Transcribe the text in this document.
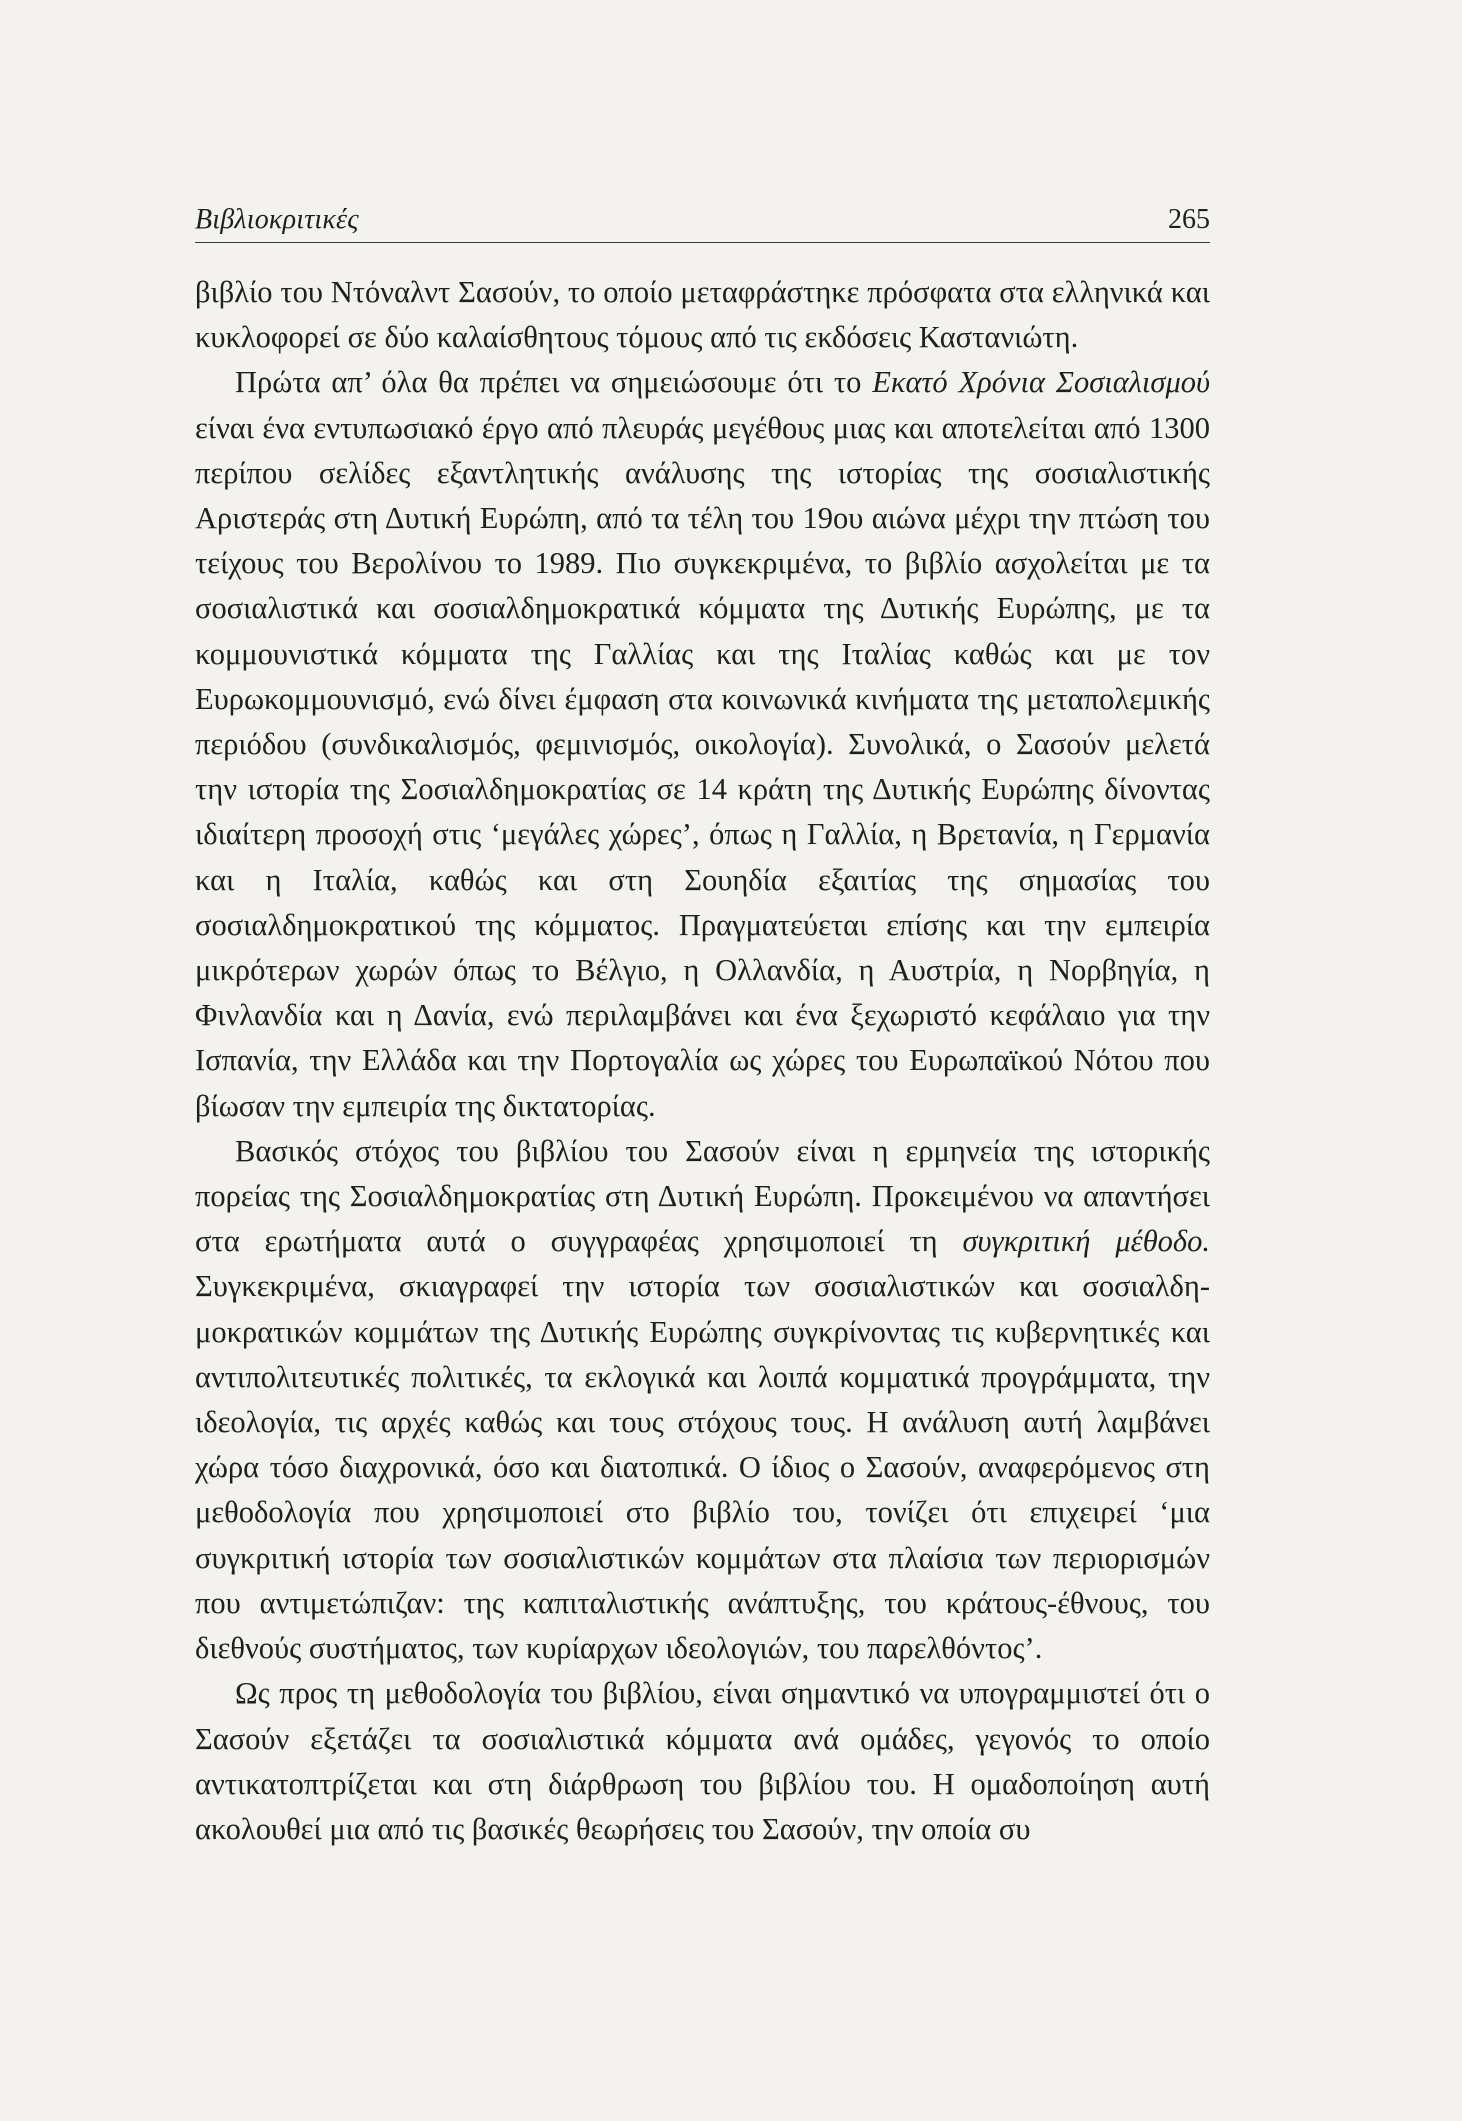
Βιβλιοκριτικές	265

βιβλίο του Ντόναλντ Σασούν, το οποίο μεταφράστηκε πρόσφατα στα ελληνικά και κυκλοφορεί σε δύο καλαίσθητους τόμους από τις εκδόσεις Καστανιώτη.

Πρώτα απ’ όλα θα πρέπει να σημειώσουμε ότι το Εκατό Χρόνια Σοσιαλισμού είναι ένα εντυπωσιακό έργο από πλευράς μεγέθους μιας και αποτελείται από 1300 περίπου σελίδες εξαντλητικής ανάλυσης της ιστορίας της σοσιαλιστικής Αριστεράς στη Δυτική Ευρώπη, από τα τέλη του 19ου αιώνα μέχρι την πτώση του τείχους του Βερολίνου το 1989. Πιο συγκεκριμένα, το βιβλίο ασχολείται με τα σοσιαλιστικά και σοσιαλδημοκρατικά κόμματα της Δυτικής Ευρώπης, με τα κομμουνιστικά κόμματα της Γαλλίας και της Ιταλίας καθώς και με τον Ευρωκομμουνισμό, ενώ δίνει έμφαση στα κοινωνικά κινήματα της μεταπολεμικής περιόδου (συνδικαλισμός, φεμινισμός, οικολογία). Συνολικά, ο Σασούν μελετά την ιστορία της Σοσιαλδημοκρατίας σε 14 κράτη της Δυτικής Ευρώπης δίνοντας ιδιαίτερη προσοχή στις ‘μεγάλες χώρες’, όπως η Γαλλία, η Βρετανία, η Γερμανία και η Ιταλία, καθώς και στη Σουηδία εξαιτίας της σημασίας του σοσιαλδημοκρατικού της κόμματος. Πραγματεύεται επίσης και την εμπειρία μικρότερων χωρών όπως το Βέλγιο, η Ολλανδία, η Αυστρία, η Νορβηγία, η Φινλανδία και η Δανία, ενώ περιλαμβάνει και ένα ξεχωριστό κεφάλαιο για την Ισπανία, την Ελλάδα και την Πορτογαλία ως χώρες του Ευρωπαϊκού Νότου που βίωσαν την εμπειρία της δικτατορίας.

Βασικός στόχος του βιβλίου του Σασούν είναι η ερμηνεία της ιστορικής πορείας της Σοσιαλδημοκρατίας στη Δυτική Ευρώπη. Προκειμένου να απαντήσει στα ερωτήματα αυτά ο συγγραφέας χρησιμοποιεί τη συγκριτική μέθοδο. Συγκεκριμένα, σκιαγραφεί την ιστορία των σοσιαλιστικών και σοσιαλδημοκρατικών κομμάτων της Δυτικής Ευρώπης συγκρίνοντας τις κυβερνητικές και αντιπολιτευτικές πολιτικές, τα εκλογικά και λοιπά κομματικά προγράμματα, την ιδεολογία, τις αρχές καθώς και τους στόχους τους. Η ανάλυση αυτή λαμβάνει χώρα τόσο διαχρονικά, όσο και διατοπικά. Ο ίδιος ο Σασούν, αναφερόμενος στη μεθοδολογία που χρησιμοποιεί στο βιβλίο του, τονίζει ότι επιχειρεί ‘μια συγκριτική ιστορία των σοσιαλιστικών κομμάτων στα πλαίσια των περιορισμών που αντιμετώπιζαν: της καπιταλιστικής ανάπτυξης, του κράτους-έθνους, του διεθνούς συστήματος, των κυρίαρχων ιδεολογιών, του παρελθόντος’.

Ως προς τη μεθοδολογία του βιβλίου, είναι σημαντικό να υπογραμμιστεί ότι ο Σασούν εξετάζει τα σοσιαλιστικά κόμματα ανά ομάδες, γεγονός το οποίο αντικατοπτρίζεται και στη διάρθρωση του βιβλίου του. Η ομαδοποίηση αυτή ακολουθεί μια από τις βασικές θεωρήσεις του Σασούν, την οποία συ
